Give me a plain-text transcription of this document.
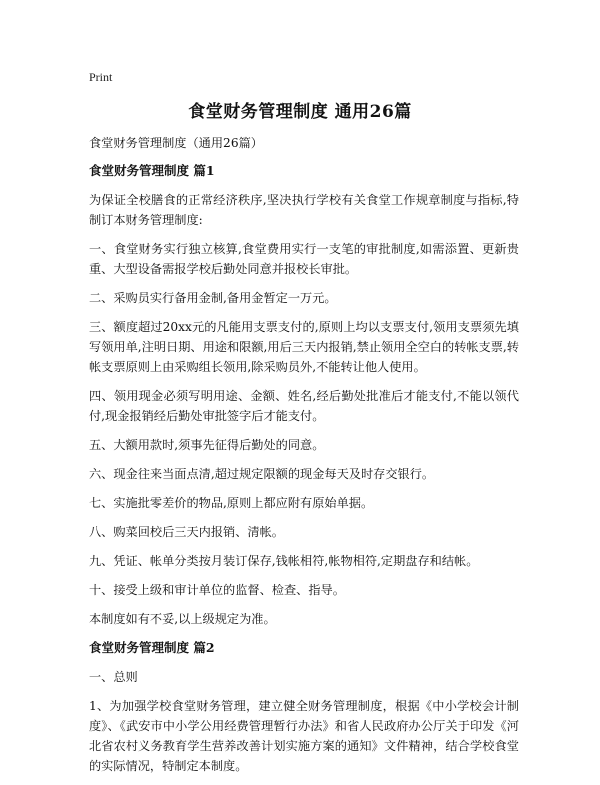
Print
食堂财务管理制度 通用26篇

食堂财务管理制度（通用26篇）

食堂财务管理制度 篇1

为保证全校膳食的正常经济秩序,坚决执行学校有关食堂工作规章制度与指标,特制订本财务管理制度:

一、食堂财务实行独立核算,食堂费用实行一支笔的审批制度,如需添置、更新贵重、大型设备需报学校后勤处同意并报校长审批。

二、采购员实行备用金制,备用金暂定一万元。

三、额度超过20xx元的凡能用支票支付的,原则上均以支票支付,领用支票须先填写领用单,注明日期、用途和限额,用后三天内报销,禁止领用全空白的转帐支票,转帐支票原则上由采购组长领用,除采购员外,不能转让他人使用。

四、领用现金必须写明用途、金额、姓名,经后勤处批准后才能支付,不能以领代付,现金报销经后勤处审批签字后才能支付。

五、大额用款时,须事先征得后勤处的同意。

六、现金往来当面点清,超过规定限额的现金每天及时存交银行。

七、实施批零差价的物品,原则上都应附有原始单据。

八、购菜回校后三天内报销、清帐。

九、凭证、帐单分类按月装订保存,钱帐相符,帐物相符,定期盘存和结帐。

十、接受上级和审计单位的监督、检查、指导。

本制度如有不妥,以上级规定为准。

食堂财务管理制度 篇2

一、总则

1、为加强学校食堂财务管理，建立健全财务管理制度，根据《中小学校会计制度》、《武安市中小学公用经费管理暂行办法》和省人民政府办公厅关于印发《河北省农村义务教育学生营养改善计划实施方案的通知》文件精神，结合学校食堂的实际情况，特制定本制度。
